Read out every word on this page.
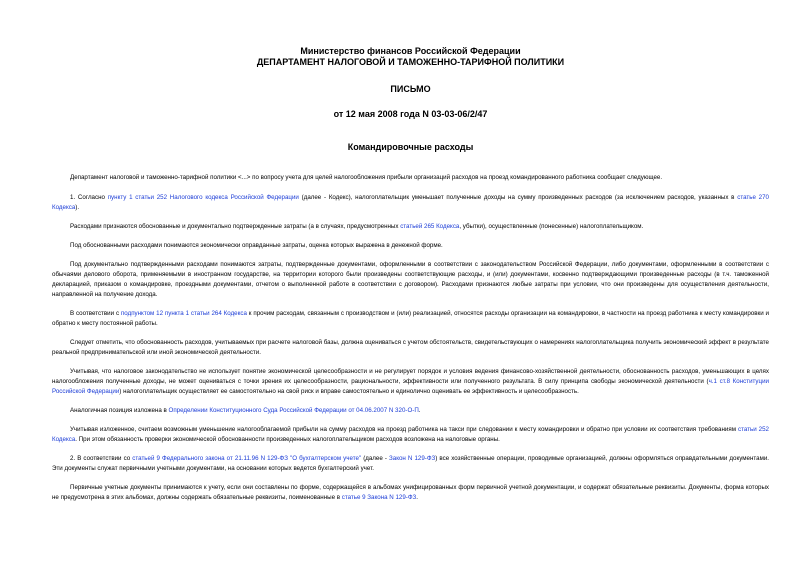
Министерство финансов Российской Федерации
ДЕПАРТАМЕНТ НАЛОГОВОЙ И ТАМОЖЕННО-ТАРИФНОЙ ПОЛИТИКИ
ПИСЬМО
от 12 мая 2008 года N 03-03-06/2/47
Командировочные расходы

Департамент налоговой и таможенно-тарифной политики <...> по вопросу учета для целей налогообложения прибыли организаций расходов на проезд командированного работника сообщает следующее.

1. Согласно пункту 1 статьи 252 Налогового кодекса Российской Федерации (далее - Кодекс), налогоплательщик уменьшает полученные доходы на сумму произведенных расходов (за исключением расходов, указанных в статье 270 Кодекса).

Расходами признаются обоснованные и документально подтвержденные затраты (а в случаях, предусмотренных статьей 265 Кодекса, убытки), осуществленные (понесенные) налогоплательщиком.

Под обоснованными расходами понимаются экономически оправданные затраты, оценка которых выражена в денежной форме.

Под документально подтвержденными расходами понимаются затраты, подтвержденные документами, оформленными в соответствии с законодательством Российской Федерации, либо документами, оформленными в соответствии с обычаями делового оборота, применяемыми в иностранном государстве, на территории которого были произведены соответствующие расходы, и (или) документами, косвенно подтверждающими произведенные расходы (в т.ч. таможенной декларацией, приказом о командировке, проездными документами, отчетом о выполненной работе в соответствии с договором). Расходами признаются любые затраты при условии, что они произведены для осуществления деятельности, направленной на получение дохода.

В соответствии с подпунктом 12 пункта 1 статьи 264 Кодекса к прочим расходам, связанным с производством и (или) реализацией, относятся расходы организации на командировки, в частности на проезд работника к месту командировки и обратно к месту постоянной работы.

Следует отметить, что обоснованность расходов, учитываемых при расчете налоговой базы, должна оцениваться с учетом обстоятельств, свидетельствующих о намерениях налогоплательщика получить экономический эффект в результате реальной предпринимательской или иной экономической деятельности.

Учитывая, что налоговое законодательство не использует понятие экономической целесообразности и не регулирует порядок и условия ведения финансово-хозяйственной деятельности, обоснованность расходов, уменьшающих в целях налогообложения полученные доходы, не может оцениваться с точки зрения их целесообразности, рациональности, эффективности или полученного результата. В силу принципа свободы экономической деятельности (ч.1 ст.8 Конституции Российской Федерации) налогоплательщик осуществляет ее самостоятельно на свой риск и вправе самостоятельно и единолично оценивать ее эффективность и целесообразность.

Аналогичная позиция изложена в Определении Конституционного Суда Российской Федерации от 04.06.2007 N 320-О-П.

Учитывая изложенное, считаем возможным уменьшение налогооблагаемой прибыли на сумму расходов на проезд работника на такси при следовании к месту командировки и обратно при условии их соответствия требованиям статьи 252 Кодекса. При этом обязанность проверки экономической обоснованности произведенных налогоплательщиком расходов возложена на налоговые органы.

2. В соответствии со статьей 9 Федерального закона от 21.11.96 N 129-ФЗ "О бухгалтерском учете" (далее - Закон N 129-ФЗ) все хозяйственные операции, проводимые организацией, должны оформляться оправдательными документами. Эти документы служат первичными учетными документами, на основании которых ведется бухгалтерский учет.

Первичные учетные документы принимаются к учету, если они составлены по форме, содержащейся в альбомах унифицированных форм первичной учетной документации, и содержат обязательные реквизиты. Документы, форма которых не предусмотрена в этих альбомах, должны содержать обязательные реквизиты, поименованные в статье 9 Закона N 129-ФЗ.
